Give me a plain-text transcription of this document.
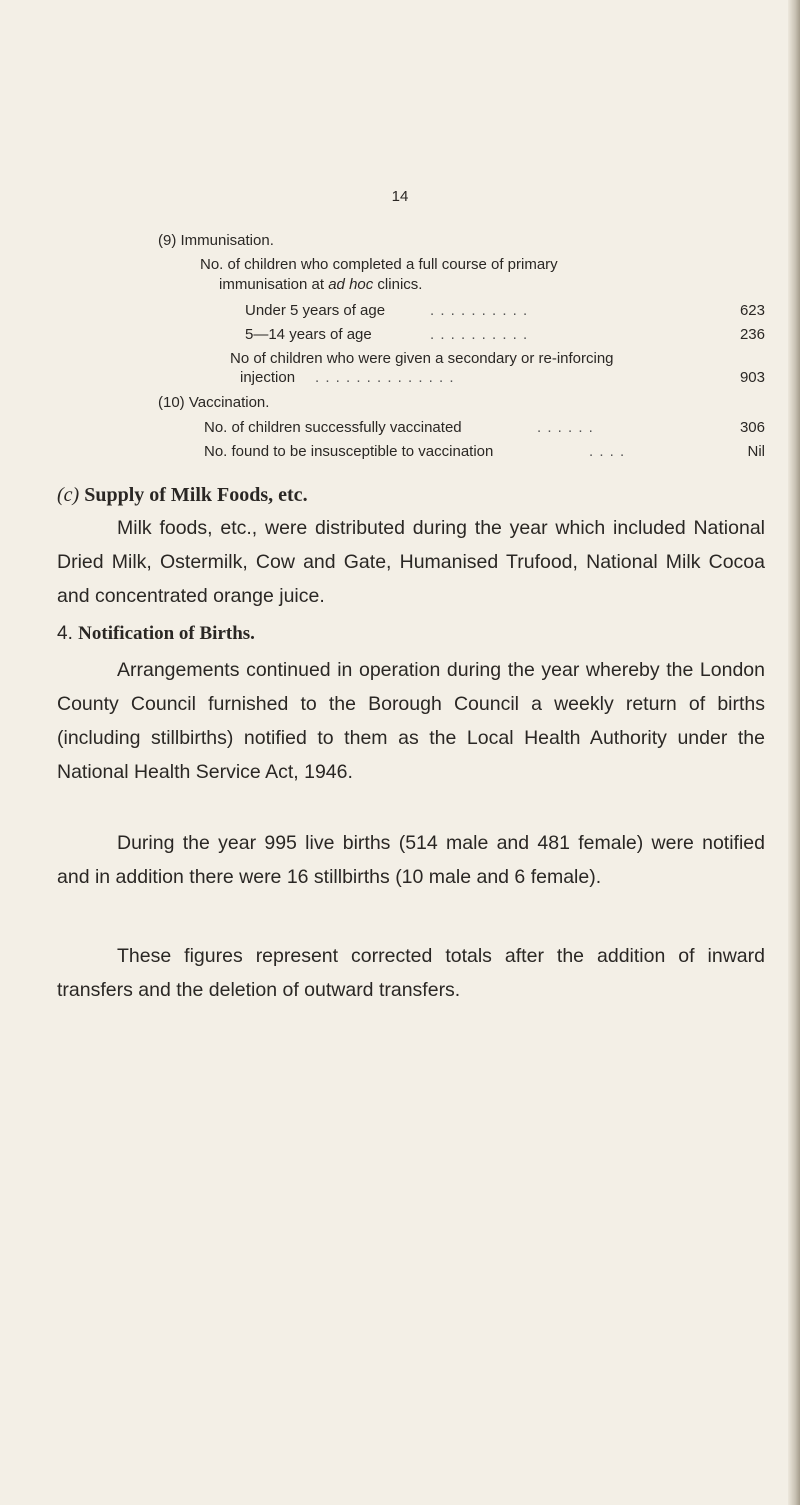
14
(9) Immunisation.
No. of children who completed a full course of primary
immunisation at ad hoc clinics.
Under 5 years of age	. . . . . . . . . .	623
5—14 years of age	. . . . . . . . . .	236
No of children who were given a secondary or re-inforcing
injection . . . . . . . . . . . . . .	903
(10) Vaccination.
No. of children successfully vaccinated	. . . . . .	306
No. found to be insusceptible to vaccination	. . . .	Nil
(c) Supply of Milk Foods, etc.

Milk foods, etc., were distributed during the year which included National Dried Milk, Ostermilk, Cow and Gate, Humanised Trufood, National Milk Cocoa and concentrated orange juice.

4. Notification of Births.

Arrangements continued in operation during the year whereby the London County Council furnished to the Borough Council a weekly return of births (including stillbirths) notified to them as the Local Health Authority under the National Health Service Act, 1946.

During the year 995 live births (514 male and 481 female) were notified and in addition there were 16 stillbirths (10 male and 6 female).

These figures represent corrected totals after the addition of inward transfers and the deletion of outward transfers.
